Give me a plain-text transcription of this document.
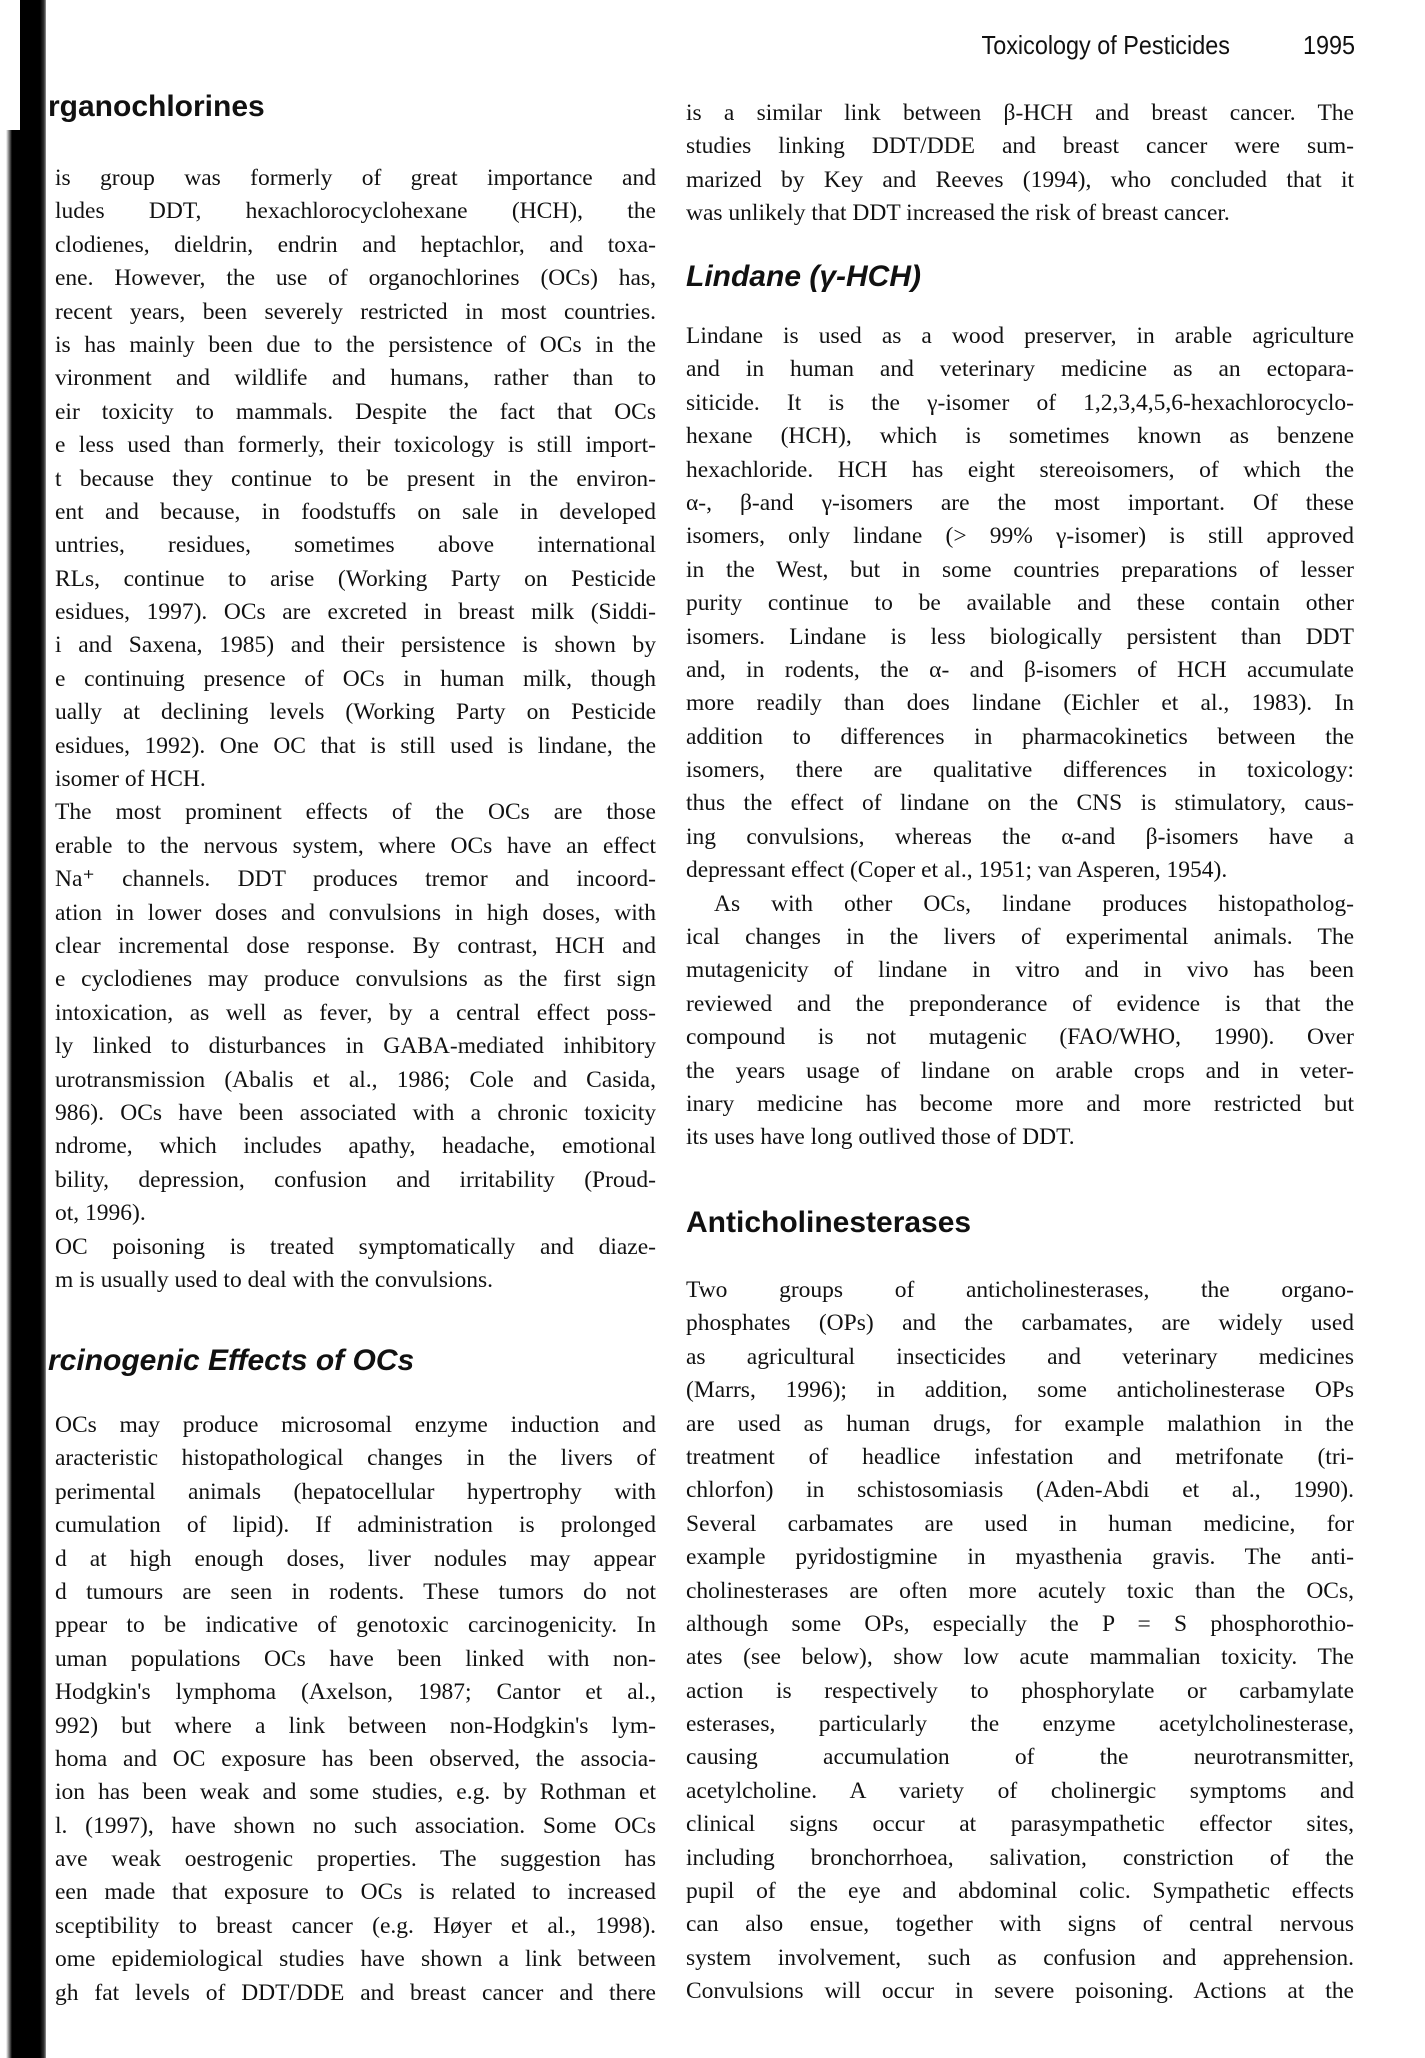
Toxicology of Pesticides	1995
rganochlorines
is group was formerly of great importance and
ludes DDT, hexachlorocyclohexane (HCH), the
clodienes, dieldrin, endrin and heptachlor, and toxa-
ene. However, the use of organochlorines (OCs) has,
recent years, been severely restricted in most countries.
is has mainly been due to the persistence of OCs in the
vironment and wildlife and humans, rather than to
eir toxicity to mammals. Despite the fact that OCs
e less used than formerly, their toxicology is still import-
t because they continue to be present in the environ-
ent and because, in foodstuffs on sale in developed
untries, residues, sometimes above international
RLs, continue to arise (Working Party on Pesticide
esidues, 1997). OCs are excreted in breast milk (Siddi-
i and Saxena, 1985) and their persistence is shown by
e continuing presence of OCs in human milk, though
ually at declining levels (Working Party on Pesticide
esidues, 1992). One OC that is still used is lindane, the
isomer of HCH.
The most prominent effects of the OCs are those
erable to the nervous system, where OCs have an effect
Na⁺ channels. DDT produces tremor and incoord-
ation in lower doses and convulsions in high doses, with
clear incremental dose response. By contrast, HCH and
e cyclodienes may produce convulsions as the first sign
intoxication, as well as fever, by a central effect poss-
ly linked to disturbances in GABA-mediated inhibitory
urotransmission (Abalis et al., 1986; Cole and Casida,
986). OCs have been associated with a chronic toxicity
ndrome, which includes apathy, headache, emotional
bility, depression, confusion and irritability (Proud-
ot, 1996).
OC poisoning is treated symptomatically and diaze-
m is usually used to deal with the convulsions.
rcinogenic Effects of OCs
OCs may produce microsomal enzyme induction and
aracteristic histopathological changes in the livers of
perimental animals (hepatocellular hypertrophy with
cumulation of lipid). If administration is prolonged
d at high enough doses, liver nodules may appear
d tumours are seen in rodents. These tumors do not
ppear to be indicative of genotoxic carcinogenicity. In
uman populations OCs have been linked with non-
Hodgkin's lymphoma (Axelson, 1987; Cantor et al.,
992) but where a link between non-Hodgkin's lym-
homa and OC exposure has been observed, the associa-
ion has been weak and some studies, e.g. by Rothman et
l. (1997), have shown no such association. Some OCs
ave weak oestrogenic properties. The suggestion has
een made that exposure to OCs is related to increased
sceptibility to breast cancer (e.g. Høyer et al., 1998).
ome epidemiological studies have shown a link between
gh fat levels of DDT/DDE and breast cancer and there
is a similar link between β-HCH and breast cancer. The
studies linking DDT/DDE and breast cancer were sum-
marized by Key and Reeves (1994), who concluded that it
was unlikely that DDT increased the risk of breast cancer.
Lindane (γ-HCH)
Lindane is used as a wood preserver, in arable agriculture
and in human and veterinary medicine as an ectopara-
siticide. It is the γ-isomer of 1,2,3,4,5,6-hexachlorocyclo-
hexane (HCH), which is sometimes known as benzene
hexachloride. HCH has eight stereoisomers, of which the
α-, β-and γ-isomers are the most important. Of these
isomers, only lindane (> 99% γ-isomer) is still approved
in the West, but in some countries preparations of lesser
purity continue to be available and these contain other
isomers. Lindane is less biologically persistent than DDT
and, in rodents, the α- and β-isomers of HCH accumulate
more readily than does lindane (Eichler et al., 1983). In
addition to differences in pharmacokinetics between the
isomers, there are qualitative differences in toxicology:
thus the effect of lindane on the CNS is stimulatory, caus-
ing convulsions, whereas the α-and β-isomers have a
depressant effect (Coper et al., 1951; van Asperen, 1954).
As with other OCs, lindane produces histopatholog-
ical changes in the livers of experimental animals. The
mutagenicity of lindane in vitro and in vivo has been
reviewed and the preponderance of evidence is that the
compound is not mutagenic (FAO/WHO, 1990). Over
the years usage of lindane on arable crops and in veter-
inary medicine has become more and more restricted but
its uses have long outlived those of DDT.
Anticholinesterases
Two groups of anticholinesterases, the organo-
phosphates (OPs) and the carbamates, are widely used
as agricultural insecticides and veterinary medicines
(Marrs, 1996); in addition, some anticholinesterase OPs
are used as human drugs, for example malathion in the
treatment of headlice infestation and metrifonate (tri-
chlorfon) in schistosomiasis (Aden-Abdi et al., 1990).
Several carbamates are used in human medicine, for
example pyridostigmine in myasthenia gravis. The anti-
cholinesterases are often more acutely toxic than the OCs,
although some OPs, especially the P = S phosphorothio-
ates (see below), show low acute mammalian toxicity. The
action is respectively to phosphorylate or carbamylate
esterases, particularly the enzyme acetylcholinesterase,
causing accumulation of the neurotransmitter,
acetylcholine. A variety of cholinergic symptoms and
clinical signs occur at parasympathetic effector sites,
including bronchorrhoea, salivation, constriction of the
pupil of the eye and abdominal colic. Sympathetic effects
can also ensue, together with signs of central nervous
system involvement, such as confusion and apprehension.
Convulsions will occur in severe poisoning. Actions at the
